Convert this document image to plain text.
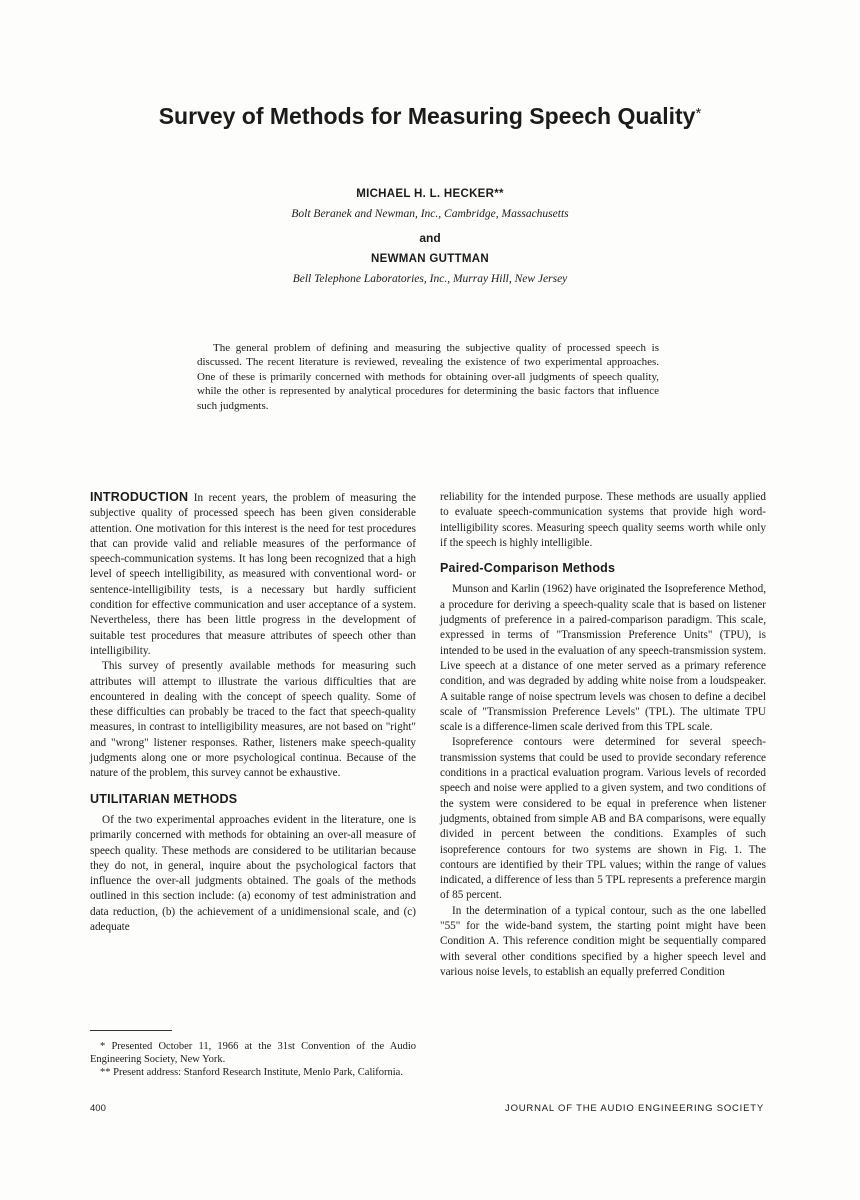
Survey of Methods for Measuring Speech Quality*

MICHAEL H. L. HECKER**

Bolt Beranek and Newman, Inc., Cambridge, Massachusetts

and

NEWMAN GUTTMAN

Bell Telephone Laboratories, Inc., Murray Hill, New Jersey

The general problem of defining and measuring the subjective quality of processed speech is discussed. The recent literature is reviewed, revealing the existence of two experimental approaches. One of these is primarily concerned with methods for obtaining over-all judgments of speech quality, while the other is represented by analytical procedures for determining the basic factors that influence such judgments.

INTRODUCTION In recent years, the problem of measuring the subjective quality of processed speech has been given considerable attention. One motivation for this interest is the need for test procedures that can provide valid and reliable measures of the performance of speech-communication systems. It has long been recognized that a high level of speech intelligibility, as measured with conventional word- or sentence-intelligibility tests, is a necessary but hardly sufficient condition for effective communication and user acceptance of a system. Nevertheless, there has been little progress in the development of suitable test procedures that measure attributes of speech other than intelligibility.

This survey of presently available methods for measuring such attributes will attempt to illustrate the various difficulties that are encountered in dealing with the concept of speech quality. Some of these difficulties can probably be traced to the fact that speech-quality measures, in contrast to intelligibility measures, are not based on "right" and "wrong" listener responses. Rather, listeners make speech-quality judgments along one or more psychological continua. Because of the nature of the problem, this survey cannot be exhaustive.

UTILITARIAN METHODS

Of the two experimental approaches evident in the literature, one is primarily concerned with methods for obtaining an over-all measure of speech quality. These methods are considered to be utilitarian because they do not, in general, inquire about the psychological factors that influence the over-all judgments obtained. The goals of the methods outlined in this section include: (a) economy of test administration and data reduction, (b) the achievement of a unidimensional scale, and (c) adequate

reliability for the intended purpose. These methods are usually applied to evaluate speech-communication systems that provide high word-intelligibility scores. Measuring speech quality seems worth while only if the speech is highly intelligible.

Paired-Comparison Methods

Munson and Karlin (1962) have originated the Isopreference Method, a procedure for deriving a speech-quality scale that is based on listener judgments of preference in a paired-comparison paradigm. This scale, expressed in terms of "Transmission Preference Units" (TPU), is intended to be used in the evaluation of any speech-transmission system. Live speech at a distance of one meter served as a primary reference condition, and was degraded by adding white noise from a loudspeaker. A suitable range of noise spectrum levels was chosen to define a decibel scale of "Transmission Preference Levels" (TPL). The ultimate TPU scale is a difference-limen scale derived from this TPL scale.

Isopreference contours were determined for several speech-transmission systems that could be used to provide secondary reference conditions in a practical evaluation program. Various levels of recorded speech and noise were applied to a given system, and two conditions of the system were considered to be equal in preference when listener judgments, obtained from simple AB and BA comparisons, were equally divided in percent between the conditions. Examples of such isopreference contours for two systems are shown in Fig. 1. The contours are identified by their TPL values; within the range of values indicated, a difference of less than 5 TPL represents a preference margin of 85 percent.

In the determination of a typical contour, such as the one labelled "55" for the wide-band system, the starting point might have been Condition A. This reference condition might be sequentially compared with several other conditions specified by a higher speech level and various noise levels, to establish an equally preferred Condition

* Presented October 11, 1966 at the 31st Convention of the Audio Engineering Society, New York.

** Present address: Stanford Research Institute, Menlo Park, California.

400	JOURNAL OF THE AUDIO ENGINEERING SOCIETY
